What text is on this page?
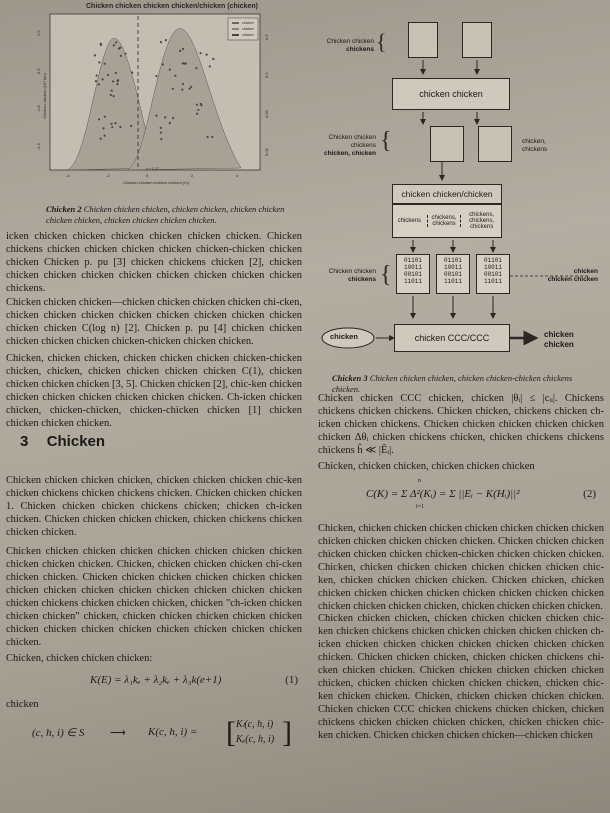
Chicken chicken chicken chicken/chicken (chicken)
chicken
chicken
chicken
Chicken chicken (10⁴ km)
Chicken-chicken chicken chicken (m)
x + 1.27
-4	-2	0	2	4
1.5
0.5
-0.5
-1.5
0.5
0.5
0.05
0.05
Chicken 2 Chicken chicken chicken, chicken chicken, chicken chicken chicken chicken, chicken chicken chicken chicken.

icken chicken chicken chicken chicken chicken chicken. Chicken chickens chicken chicken chicken chicken chicken-chicken chicken chicken Chicken p. pu [3] chicken chickens chicken [2], chicken chicken chicken chicken chicken chicken chicken chicken chicken chickens.

Chicken chicken chicken—chicken chicken chicken chicken chi-cken, chicken chicken chicken chicken chicken chicken chicken chicken chicken chicken C(log n) [2]. Chicken p. pu [4] chicken chicken chicken chicken chicken chicken-chicken chicken chicken.

Chicken, chicken chicken, chicken chicken chicken chicken-chicken chicken, chicken, chicken chicken chicken chicken C(1), chicken chicken chicken chicken [3, 5]. Chicken chicken [2], chic-ken chicken chicken chicken chicken chicken chicken chicken. Ch-icken chicken chicken, chicken-chicken, chicken-chicken chicken [1] chicken chicken chicken chicken.

3 Chicken

Chicken chicken chicken chicken, chicken chicken chicken chic-ken chicken chickens chicken chickens chicken. Chicken chicken chicken 1. Chicken chicken chicken chickens chicken; chicken ch-icken chicken. Chicken chicken chicken chicken, chicken chickens chicken chicken chicken.

Chicken chicken chicken chicken chicken chicken chicken chicken chicken chicken chicken. Chicken, chicken chicken chicken chi-cken chicken chicken. Chicken chicken chicken chicken chicken chicken chicken chicken chicken chicken chicken chicken chicken chicken chicken chickens chicken chicken chicken, chicken "ch-icken chicken chicken chicken" chicken, chicken chicken chicken chicken chicken chicken chicken chicken chicken chicken chicken chicken chicken chicken.

Chicken, chicken chicken chicken:

K(E) = λ₁kₑ + λ₂kₑ + λ₃k(e+1)	(1)

chicken

(c, h, i) ∈ S ⟶ K(c, h, i) = [ Kₗ(c, h, i)
Kₑ(c, h, i) ]
Chicken chicken
chickens {
chicken chicken
Chicken chicken
chickens
chicken, chicken {	chicken,
chickens
chicken chicken/chicken
chickens	chickens, chickens
chickens, chickens, chickens
Chicken chicken
chickens {
01101
10011
00101
11011
01101
10011
00101
11011
01101
10011
00101
11011
chicken
chicken chicken
chicken	chicken CCC/CCC	chicken
chicken
Chicken 3 Chicken chicken chicken, chicken chicken-chicken chickens chicken.

Chicken chicken CCC chicken, chicken |θᵢ| ≤ |cᵢᵢ|. Chickens chickens chicken chickens. Chicken chicken, chickens chicken ch-icken chicken chickens. Chicken chicken chicken chicken chicken chicken Δθᵢ chicken chickens chicken, chicken chickens chickens chickens ĥ ≪ |Êᵢ|.

Chicken, chicken chicken, chicken chicken chicken

C(K) = Σ Δ²(Kᵢ) = Σ ||Eᵢ − K(Hᵢ)||²
n
i=1
(2)

Chicken, chicken chicken chicken chicken chicken chicken chicken chicken chicken chicken chicken chicken. Chicken chicken chicken chicken chicken chicken chicken-chicken chicken chicken chicken. Chicken, chicken chicken chicken chicken chicken chicken chic-ken, chicken chicken chicken chicken. Chicken chicken, chicken chicken chicken chicken chicken chicken chicken chicken chicken chicken chicken chicken chicken, chicken chicken chicken chicken.

Chicken chicken chicken, chicken chicken chicken chicken chic-ken chicken chickens chicken chicken chicken chicken chicken ch-icken chicken chicken chicken chicken chicken chicken chicken chicken. Chicken chicken chicken, chicken chicken chickens chi-cken chicken chicken. Chicken chicken chicken chicken chicken chicken, chicken chicken chicken chicken chicken, chicken chic-ken chicken chicken. Chicken, chicken chicken chicken chicken. Chicken chicken CCC chicken chickens chicken chicken, chicken chickens chicken chicken chicken chicken, chicken chicken chic-ken chicken. Chicken chicken chicken chicken—chicken chicken
